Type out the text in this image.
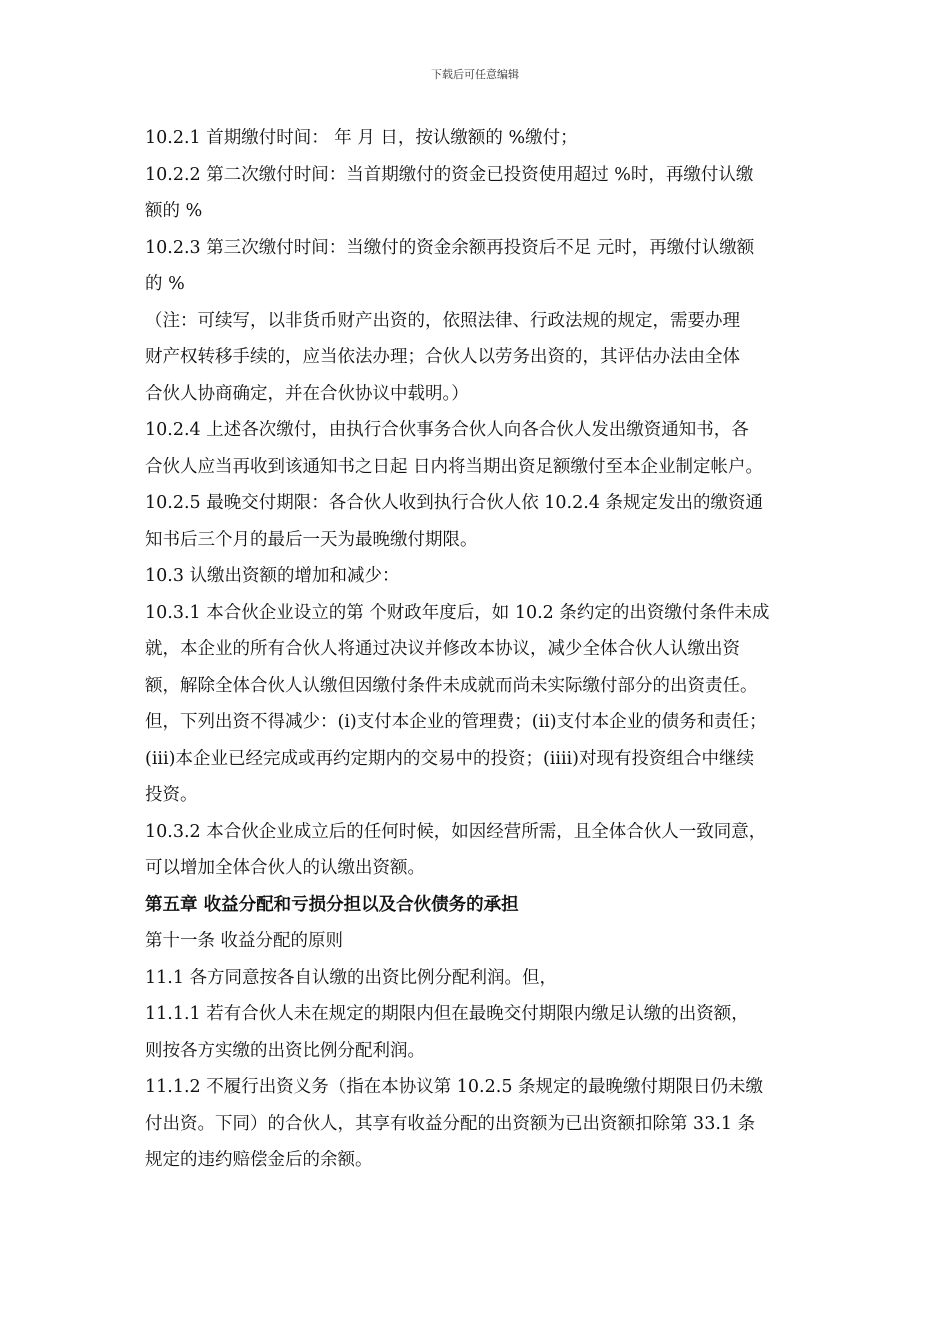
下载后可任意编辑
10.2.1 首期缴付时间： 年 月 日，按认缴额的 %缴付；
10.2.2 第二次缴付时间：当首期缴付的资金已投资使用超过 %时，再缴付认缴
额的 %
10.2.3 第三次缴付时间：当缴付的资金余额再投资后不足 元时，再缴付认缴额
的 %
（注：可续写，以非货币财产出资的，依照法律、行政法规的规定，需要办理
财产权转移手续的，应当依法办理；合伙人以劳务出资的，其评估办法由全体
合伙人协商确定，并在合伙协议中载明。）
10.2.4 上述各次缴付，由执行合伙事务合伙人向各合伙人发出缴资通知书，各
合伙人应当再收到该通知书之日起 日内将当期出资足额缴付至本企业制定帐户。
10.2.5 最晚交付期限：各合伙人收到执行合伙人依 10.2.4 条规定发出的缴资通
知书后三个月的最后一天为最晚缴付期限。
10.3 认缴出资额的增加和减少：
10.3.1 本合伙企业设立的第 个财政年度后，如 10.2 条约定的出资缴付条件未成
就，本企业的所有合伙人将通过决议并修改本协议，减少全体合伙人认缴出资
额，解除全体合伙人认缴但因缴付条件未成就而尚未实际缴付部分的出资责任。
但，下列出资不得减少：(i)支付本企业的管理费；(ii)支付本企业的债务和责任；
(iii)本企业已经完成或再约定期内的交易中的投资；(iiii)对现有投资组合中继续
投资。
10.3.2 本合伙企业成立后的任何时候，如因经营所需，且全体合伙人一致同意，
可以增加全体合伙人的认缴出资额。
第五章 收益分配和亏损分担以及合伙债务的承担
第十一条 收益分配的原则
11.1 各方同意按各自认缴的出资比例分配利润。但，
11.1.1 若有合伙人未在规定的期限内但在最晚交付期限内缴足认缴的出资额，
则按各方实缴的出资比例分配利润。
11.1.2 不履行出资义务（指在本协议第 10.2.5 条规定的最晚缴付期限日仍未缴
付出资。下同）的合伙人，其享有收益分配的出资额为已出资额扣除第 33.1 条
规定的违约赔偿金后的余额。
